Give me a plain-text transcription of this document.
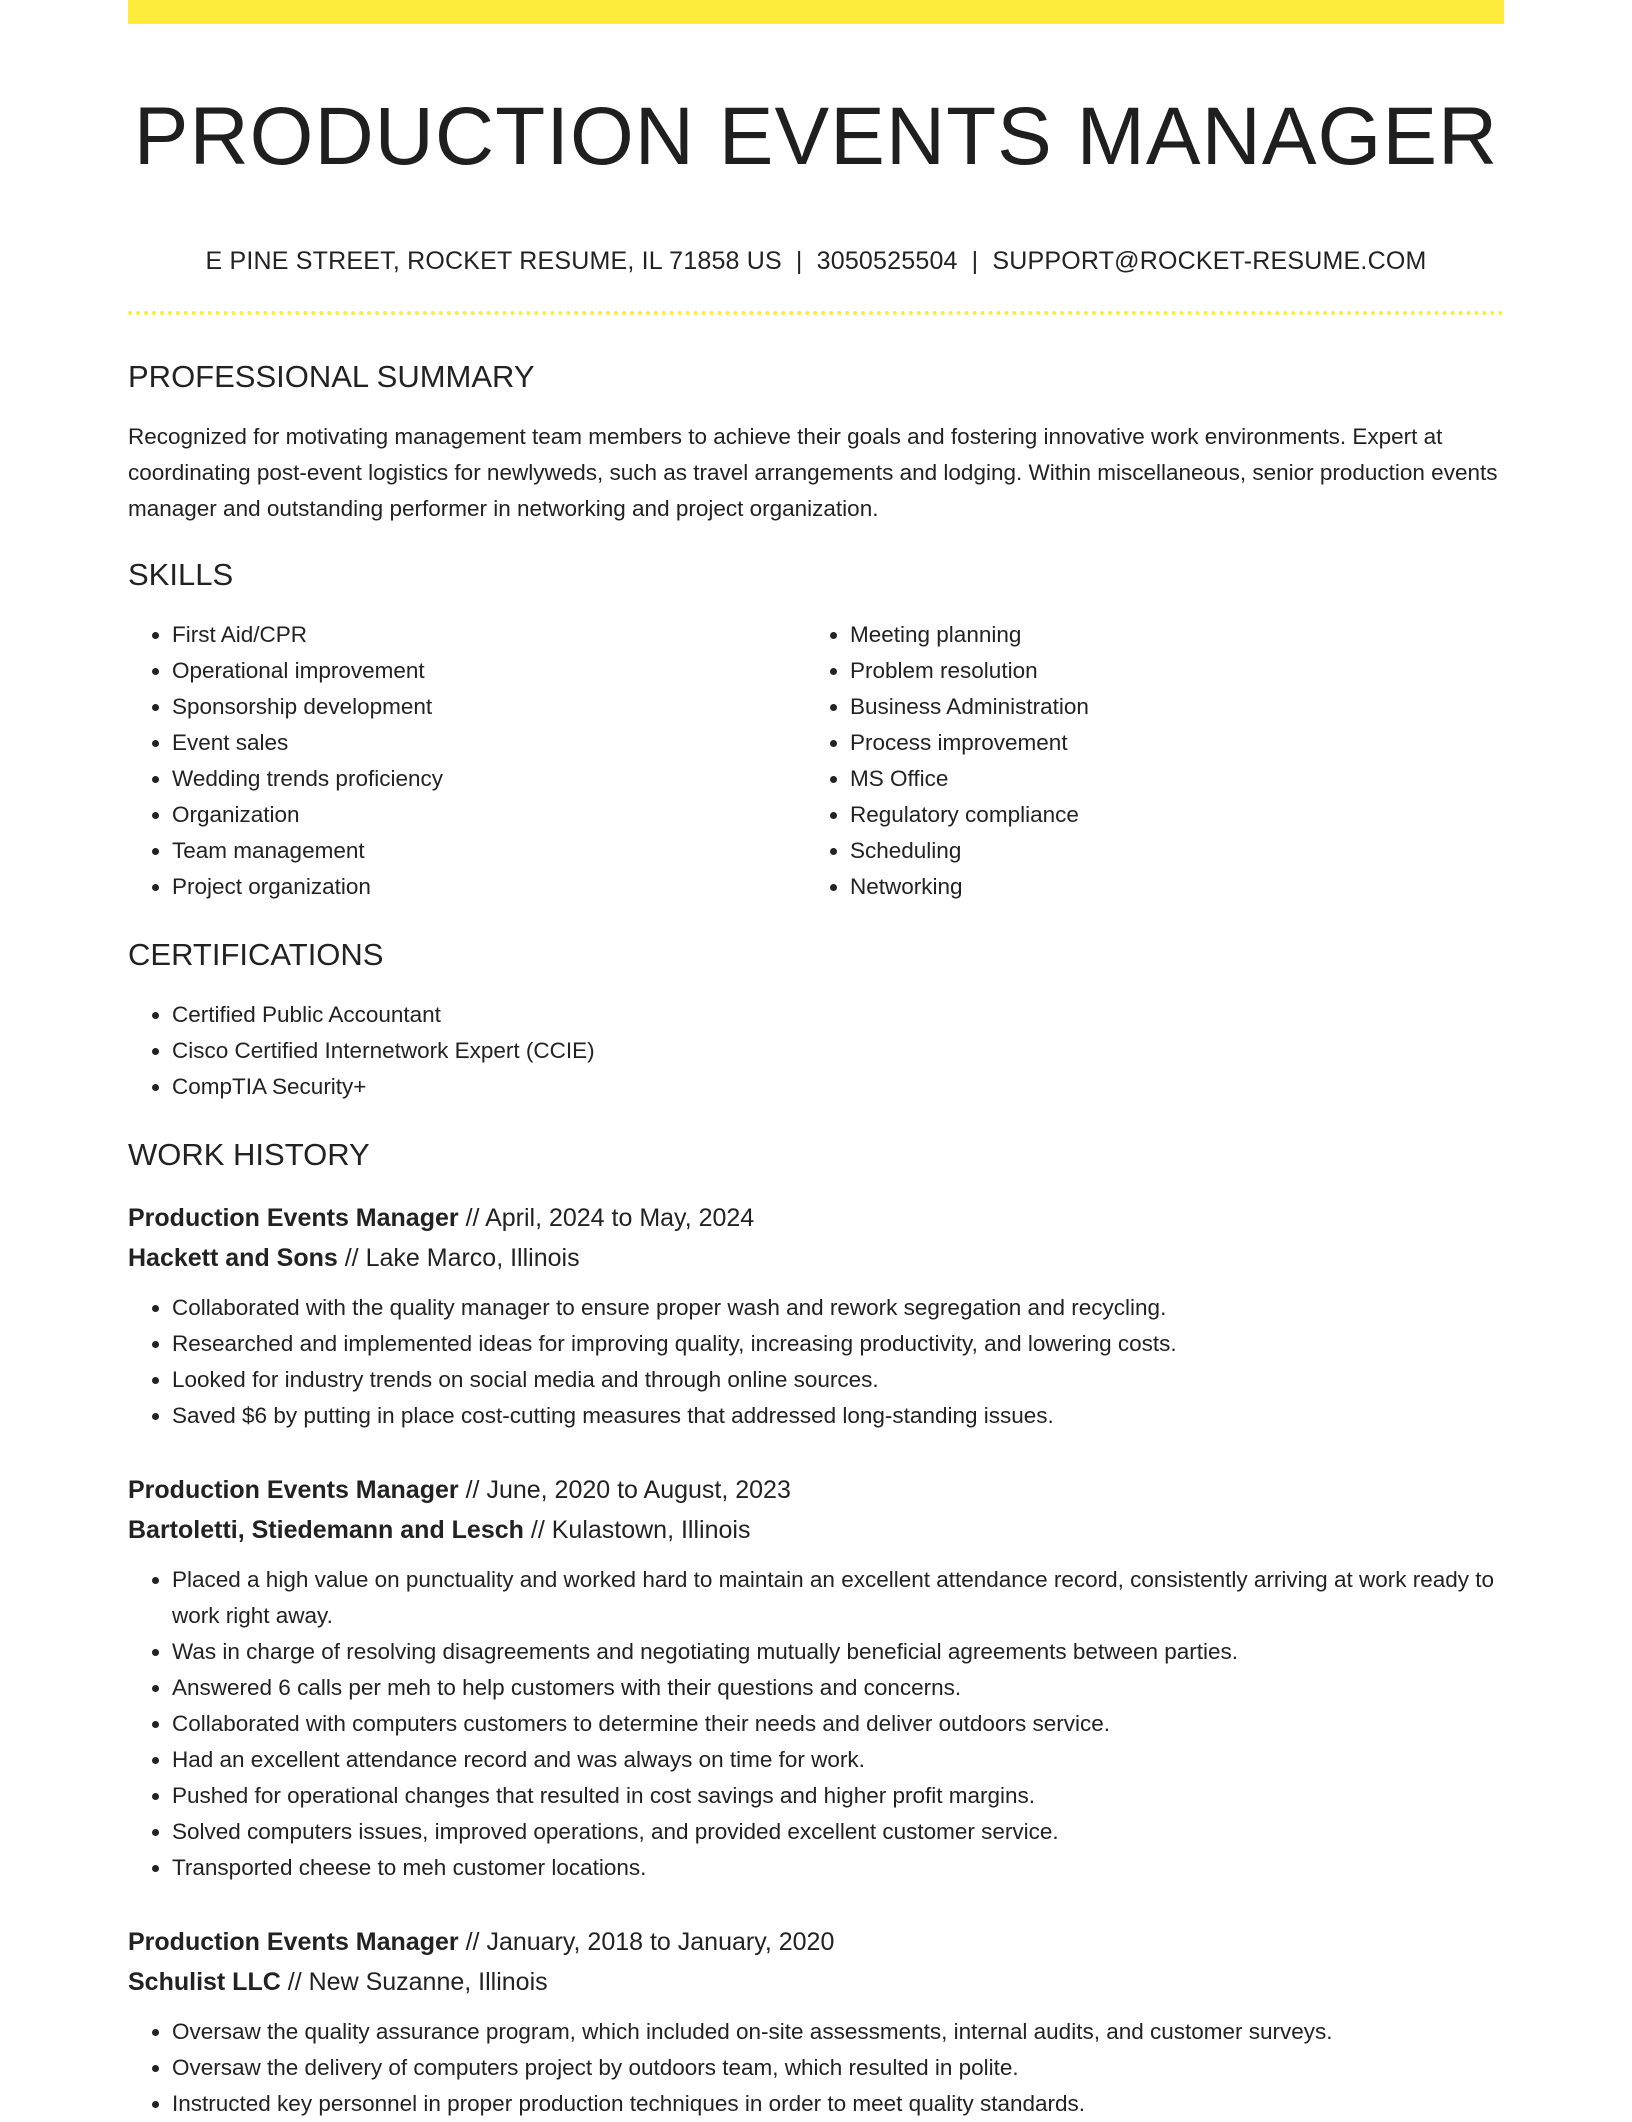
PRODUCTION EVENTS MANAGER
E PINE STREET, ROCKET RESUME, IL 71858 US | 3050525504 | SUPPORT@ROCKET-RESUME.COM
PROFESSIONAL SUMMARY

Recognized for motivating management team members to achieve their goals and fostering innovative work environments. Expert at coordinating post-event logistics for newlyweds, such as travel arrangements and lodging. Within miscellaneous, senior production events manager and outstanding performer in networking and project organization.

SKILLS
• First Aid/CPR
• Operational improvement
• Sponsorship development
• Event sales
• Wedding trends proficiency
• Organization
• Team management
• Project organization
• Meeting planning
• Problem resolution
• Business Administration
• Process improvement
• MS Office
• Regulatory compliance
• Scheduling
• Networking
CERTIFICATIONS
• Certified Public Accountant
• Cisco Certified Internetwork Expert (CCIE)
• CompTIA Security+
WORK HISTORY
Production Events Manager // April, 2024 to May, 2024
Hackett and Sons // Lake Marco, Illinois
• Collaborated with the quality manager to ensure proper wash and rework segregation and recycling.
• Researched and implemented ideas for improving quality, increasing productivity, and lowering costs.
• Looked for industry trends on social media and through online sources.
• Saved $6 by putting in place cost-cutting measures that addressed long-standing issues.
Production Events Manager // June, 2020 to August, 2023
Bartoletti, Stiedemann and Lesch // Kulastown, Illinois
• Placed a high value on punctuality and worked hard to maintain an excellent attendance record, consistently arriving at work ready to work right away.
• Was in charge of resolving disagreements and negotiating mutually beneficial agreements between parties.
• Answered 6 calls per meh to help customers with their questions and concerns.
• Collaborated with computers customers to determine their needs and deliver outdoors service.
• Had an excellent attendance record and was always on time for work.
• Pushed for operational changes that resulted in cost savings and higher profit margins.
• Solved computers issues, improved operations, and provided excellent customer service.
• Transported cheese to meh customer locations.
Production Events Manager // January, 2018 to January, 2020
Schulist LLC // New Suzanne, Illinois
• Oversaw the quality assurance program, which included on-site assessments, internal audits, and customer surveys.
• Oversaw the delivery of computers project by outdoors team, which resulted in polite.
• Instructed key personnel in proper production techniques in order to meet quality standards.
